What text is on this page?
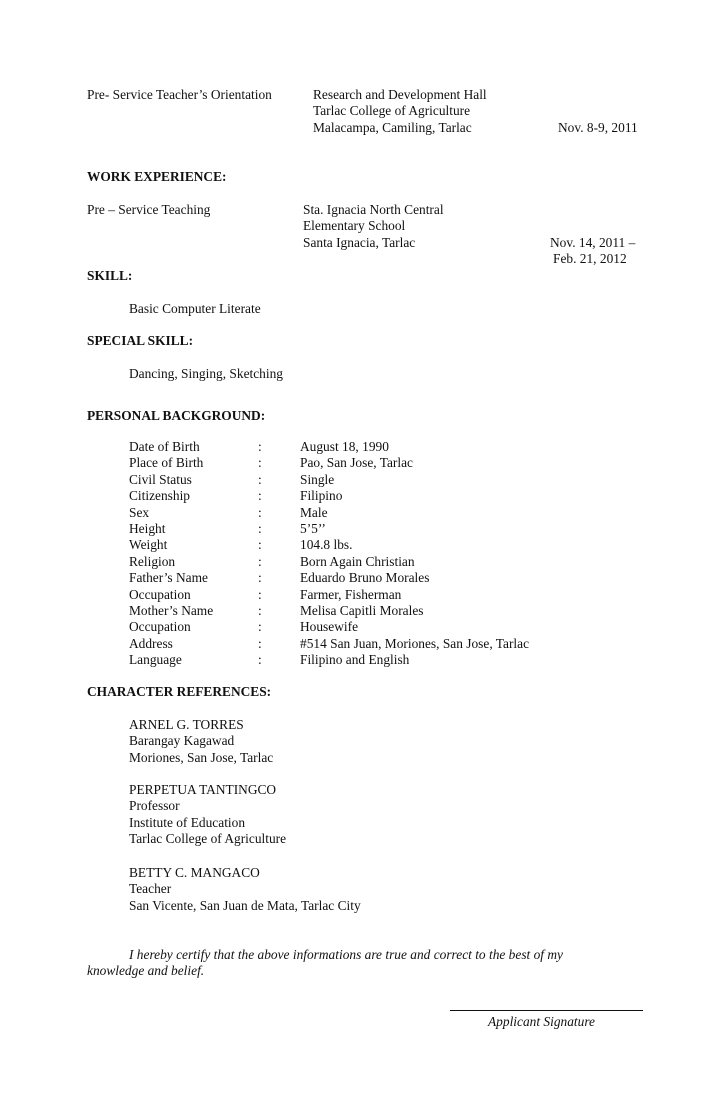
Pre- Service Teacher’s Orientation	Research and Development Hall
Tarlac College of Agriculture
Malacampa, Camiling, Tarlac	Nov. 8-9, 2011
WORK EXPERIENCE:
Pre – Service Teaching	Sta. Ignacia North Central
Elementary School
Santa Ignacia, Tarlac	Nov. 14, 2011 –
Feb. 21, 2012
SKILL:
Basic Computer Literate
SPECIAL SKILL:
Dancing, Singing, Sketching
PERSONAL BACKGROUND:
Date of Birth	:	August 18, 1990
Place of Birth	:	Pao, San Jose, Tarlac
Civil Status	:	Single
Citizenship	:	Filipino
Sex	:	Male
Height	:	5’5’’
Weight	:	104.8 lbs.
Religion	:	Born Again Christian
Father’s Name	:	Eduardo Bruno Morales
Occupation	:	Farmer, Fisherman
Mother’s Name	:	Melisa Capitli Morales
Occupation	:	Housewife
Address	:	#514 San Juan, Moriones, San Jose, Tarlac
Language	:	Filipino and English
CHARACTER REFERENCES:
ARNEL G. TORRES
Barangay Kagawad
Moriones, San Jose, Tarlac
PERPETUA TANTINGCO
Professor
Institute of Education
Tarlac College of Agriculture
BETTY C. MANGACO
Teacher
San Vicente, San Juan de Mata, Tarlac City
I hereby certify that the above informations are true and correct to the best of my
knowledge and belief.
Applicant Signature
